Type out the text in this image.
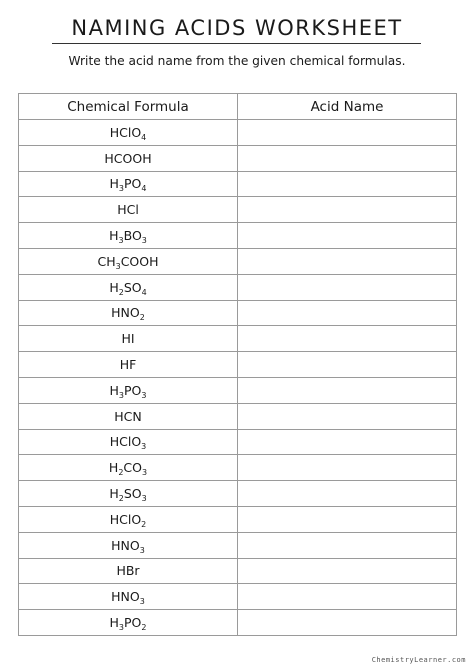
NAMING ACIDS WORKSHEET

Write the acid name from the given chemical formulas.

Chemical Formula	Acid Name
HClO$_4$	
HCOOH	
$H_3PO_4$	
HCl	
$H_3BO_3$	
$CH_3COOH$	
$H_2SO_4$	
$HNO_2$	
HI	
HF	
$H_3PO_3$	
HCN	
HClO$_3$	
$H_2CO_3$	
$H_2SO_3$	
HClO$_2$	
$HNO_3$	
HBr	
$HNO_3$	
$H_3PO_2$	
ChemistryLearner.com
